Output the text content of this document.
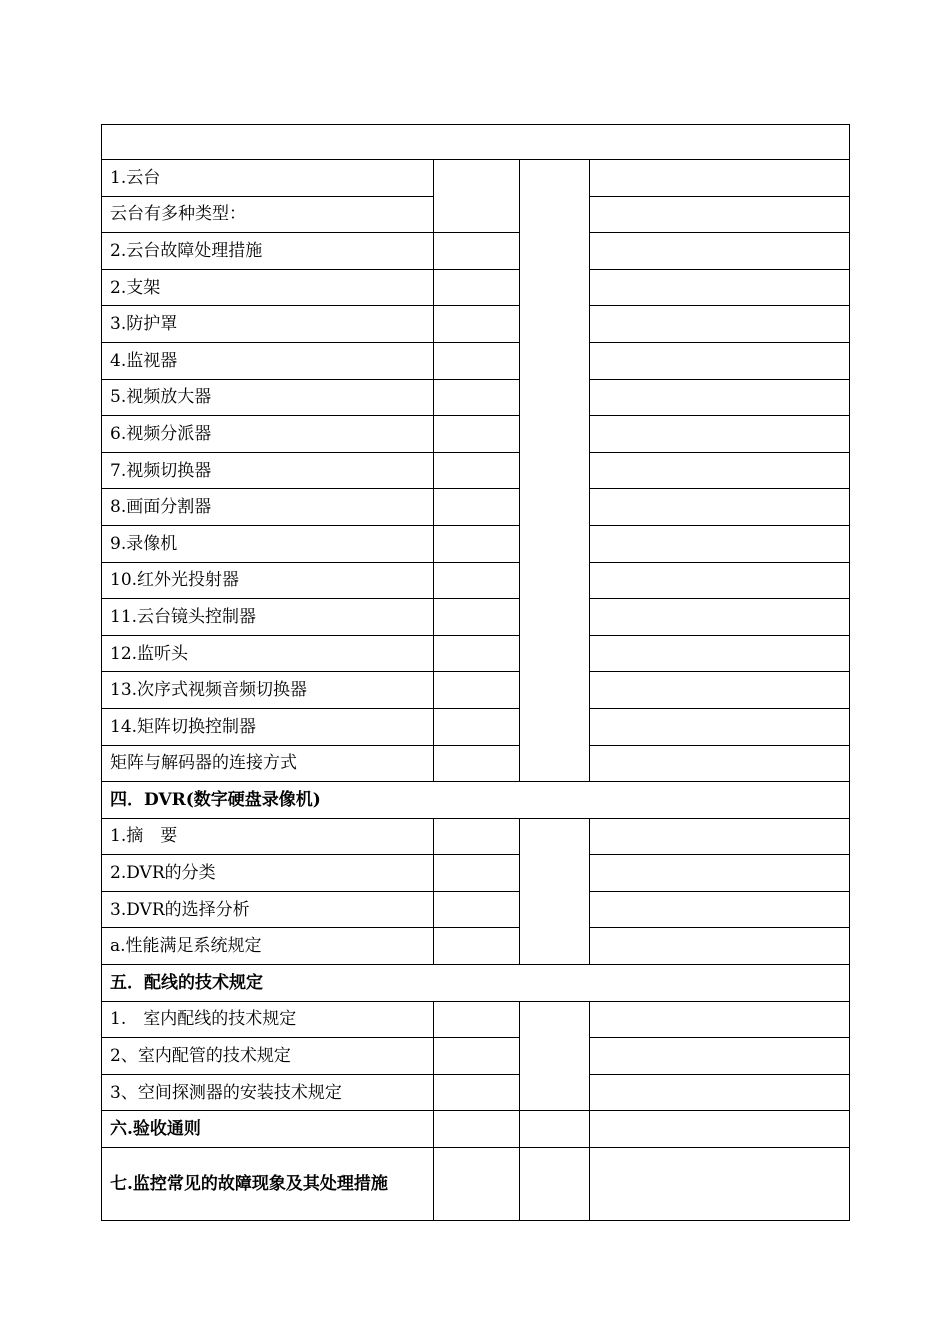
1.云台			
云台有多种类型：			
2.云台故障处理措施			
2.支架			
3.防护罩			
4.监视器			
5.视频放大器			
6.视频分派器			
7.视频切换器			
8.画面分割器			
9.录像机			
10.红外光投射器			
11.云台镜头控制器			
12.监听头			
13.次序式视频音频切换器			
14.矩阵切换控制器			
矩阵与解码器的连接方式			
四．DVR(数字硬盘录像机)			
1.摘　要			
2.DVR的分类			
3.DVR的选择分析			
a.性能满足系统规定			
五．配线的技术规定			
1.　室内配线的技术规定			
2、室内配管的技术规定			
3、空间探测器的安装技术规定			
六.验收通则			
七.监控常见的故障现象及其处理措施			
